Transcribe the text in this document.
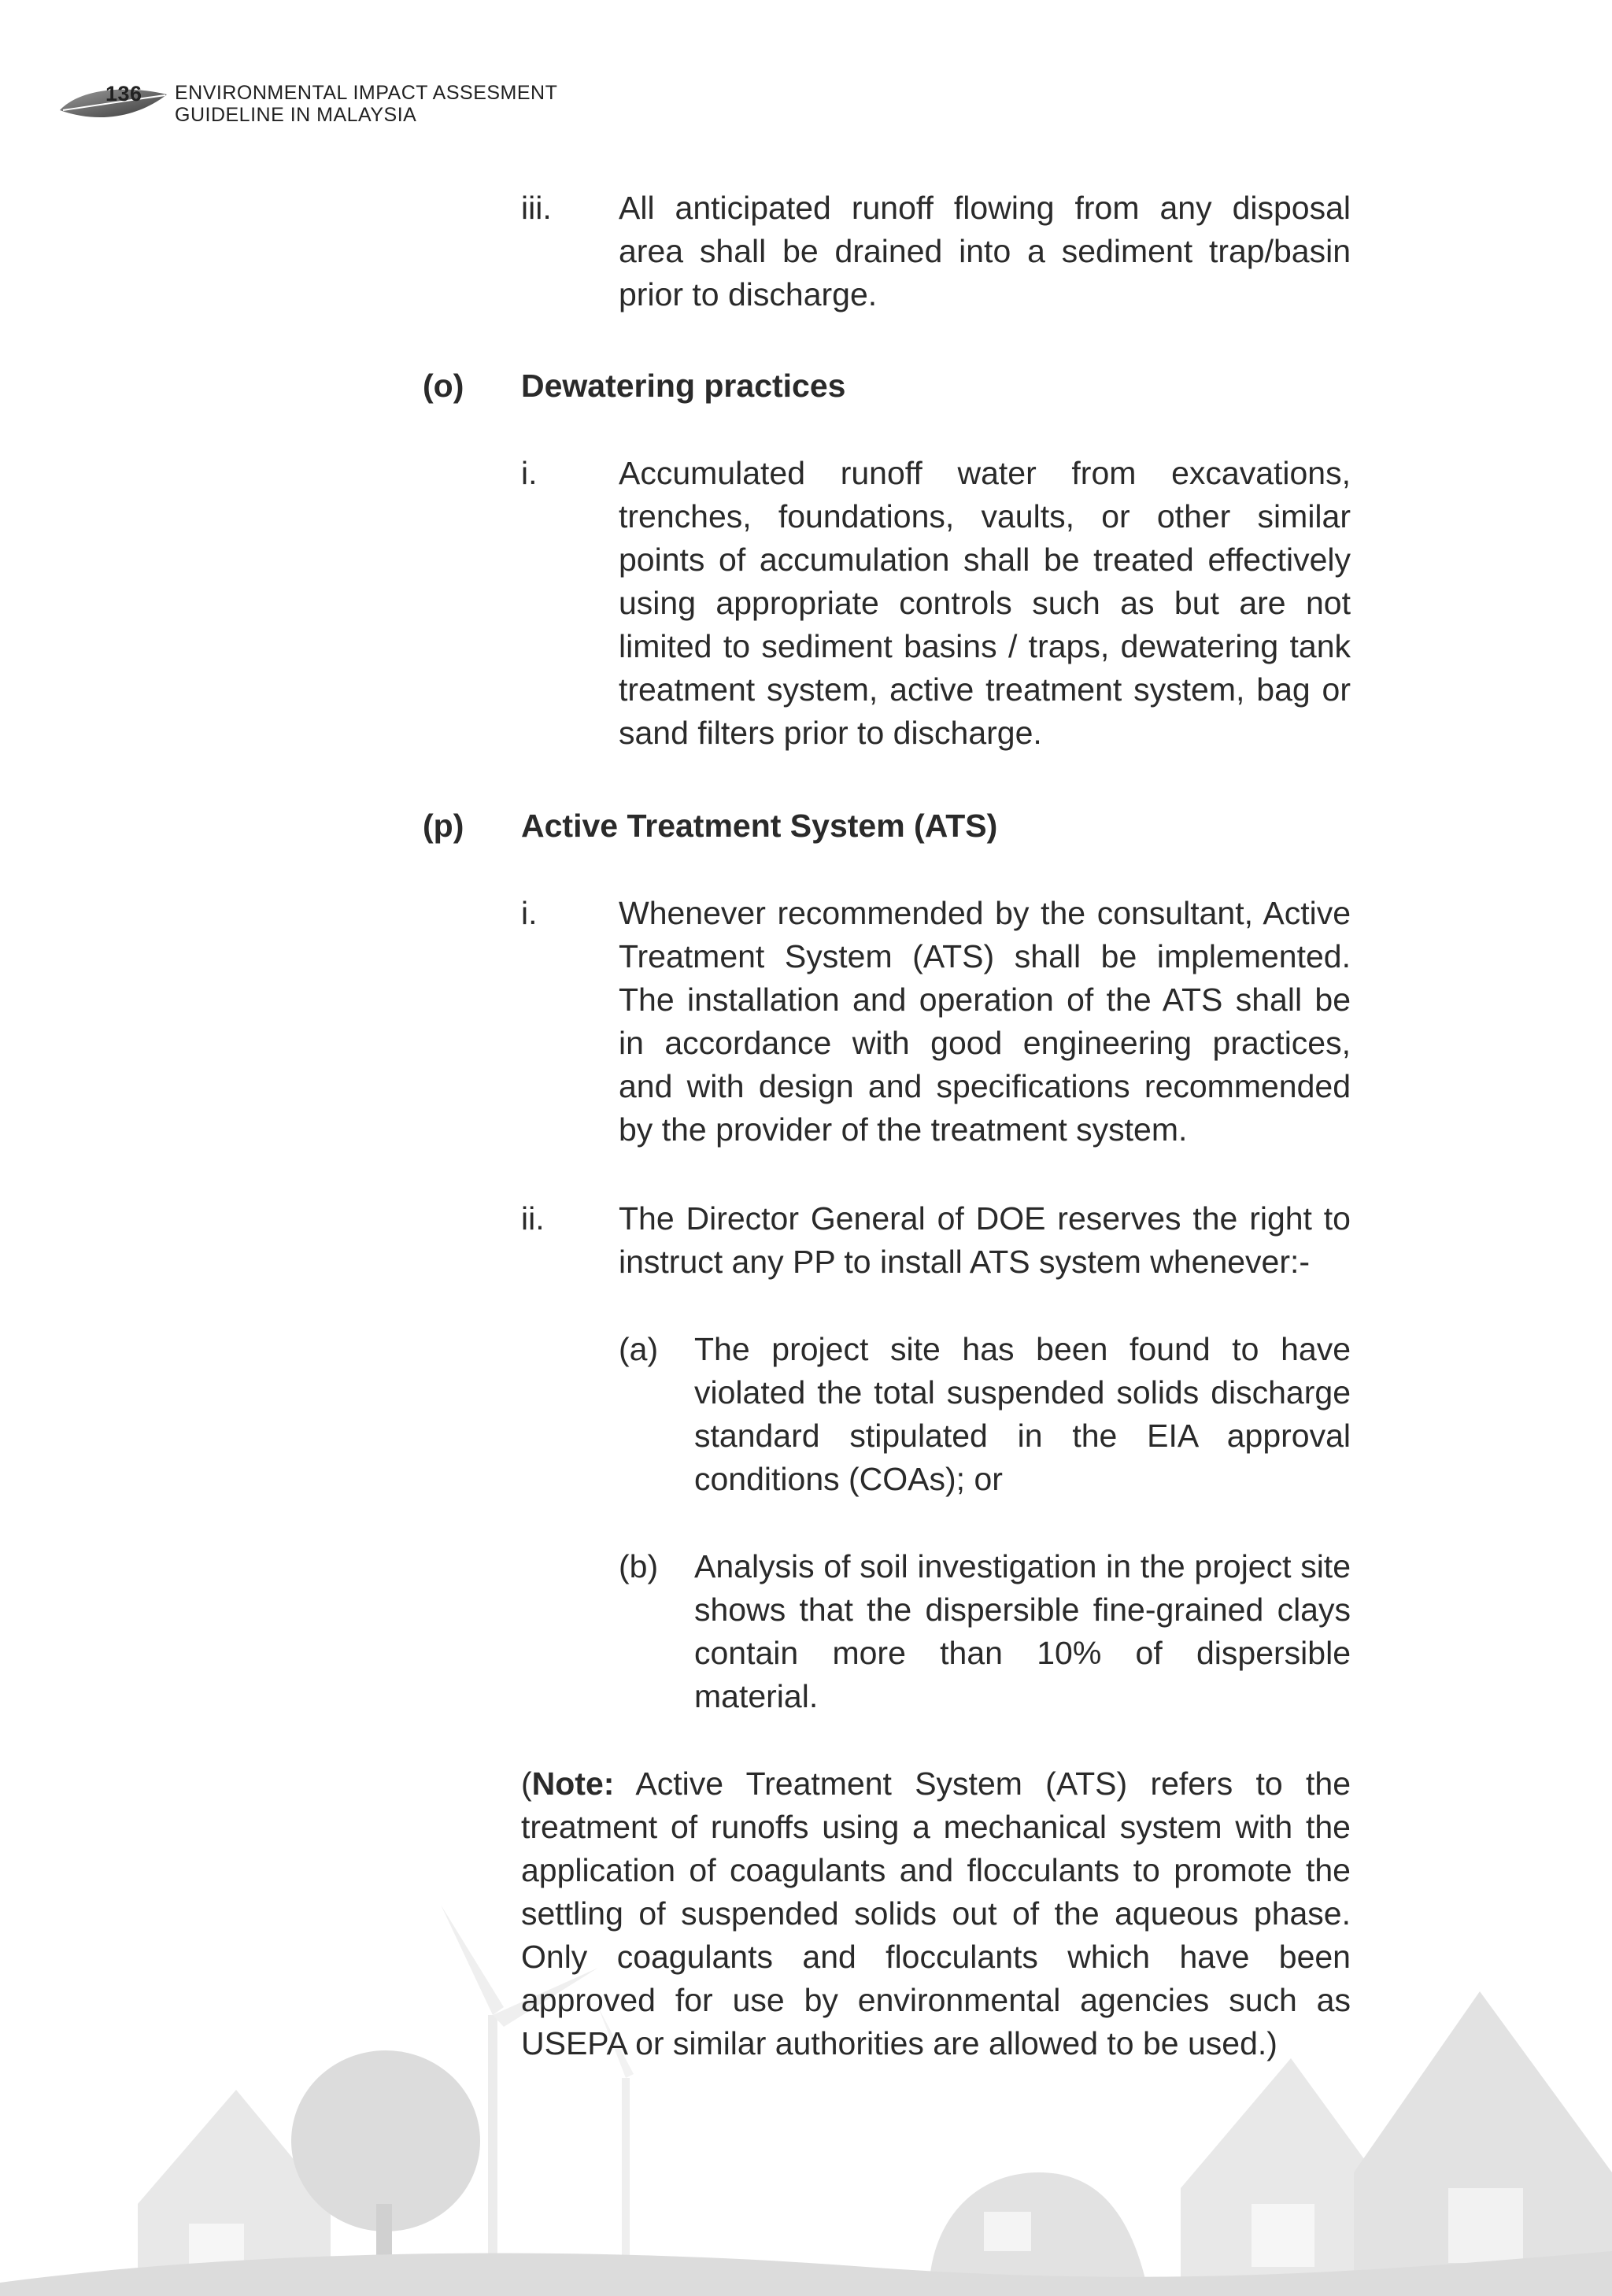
136 ENVIRONMENTAL IMPACT ASSESMENT
GUIDELINE IN MALAYSIA
iii. All anticipated runoff flowing from any disposal area shall be drained into a sediment trap/basin prior to discharge.
(o) Dewatering practices
i.	Accumulated runoff water from excavations, trenches, foundations, vaults, or other similar points of accumulation shall be treated effectively using appropriate controls such as but are not limited to sediment basins / traps, dewatering tank treatment system, active treatment system, bag or sand filters prior to discharge.
(p) Active Treatment System (ATS)
i.	Whenever recommended by the consultant, Active Treatment System (ATS) shall be implemented. The installation and operation of the ATS shall be in accordance with good engineering practices, and with design and specifications recommended by the provider of the treatment system.
ii. The Director General of DOE reserves the right to instruct any PP to install ATS system whenever:-
(a) The project site has been found to have violated the total suspended solids discharge standard stipulated in the EIA approval conditions (COAs); or
(b) Analysis of soil investigation in the project site shows that the dispersible fine-grained clays contain more than 10% of dispersible material.
(Note: Active Treatment System (ATS) refers to the treatment of runoffs using a mechanical system with the application of coagulants and flocculants to promote the settling of suspended solids out of the aqueous phase. Only coagulants and flocculants which have been approved for use by environmental agencies such as USEPA or similar authorities are allowed to be used.)
